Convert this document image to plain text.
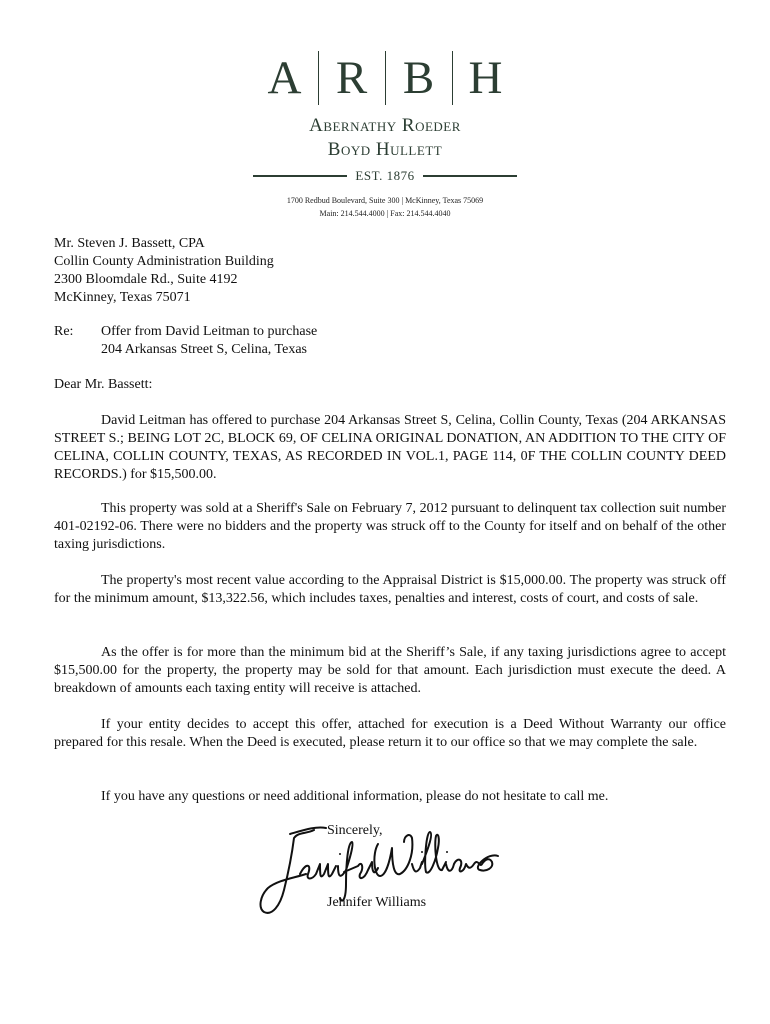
A R B H
Abernathy Roeder
Boyd Hullett
EST. 1876
1700 Redbud Boulevard, Suite 300 | McKinney, Texas 75069
Main: 214.544.4000 | Fax: 214.544.4040

Mr. Steven J. Bassett, CPA

Collin County Administration Building

2300 Bloomdale Rd., Suite 4192

McKinney, Texas 75071

Re:	Offer from David Leitman to purchase
204 Arkansas Street S, Celina, Texas
Dear Mr. Bassett:
David Leitman has offered to purchase 204 Arkansas Street S, Celina, Collin County, Texas (204 ARKANSAS STREET S.; BEING LOT 2C, BLOCK 69, OF CELINA ORIGINAL DONATION, AN ADDITION TO THE CITY OF CELINA, COLLIN COUNTY, TEXAS, AS RECORDED IN VOL.1, PAGE 114, 0F THE COLLIN COUNTY DEED RECORDS.) for $15,500.00.
This property was sold at a Sheriff's Sale on February 7, 2012 pursuant to delinquent tax collection suit number 401-02192-06. There were no bidders and the property was struck off to the County for itself and on behalf of the other taxing jurisdictions.
The property's most recent value according to the Appraisal District is $15,000.00. The property was struck off for the minimum amount, $13,322.56, which includes taxes, penalties and interest, costs of court, and costs of sale.
As the offer is for more than the minimum bid at the Sheriff’s Sale, if any taxing jurisdictions agree to accept $15,500.00 for the property, the property may be sold for that amount. Each jurisdiction must execute the deed. A breakdown of amounts each taxing entity will receive is attached.
If your entity decides to accept this offer, attached for execution is a Deed Without Warranty our office prepared for this resale. When the Deed is executed, please return it to our office so that we may complete the sale.
If you have any questions or need additional information, please do not hesitate to call me.
Sincerely,
Jennifer Williams
